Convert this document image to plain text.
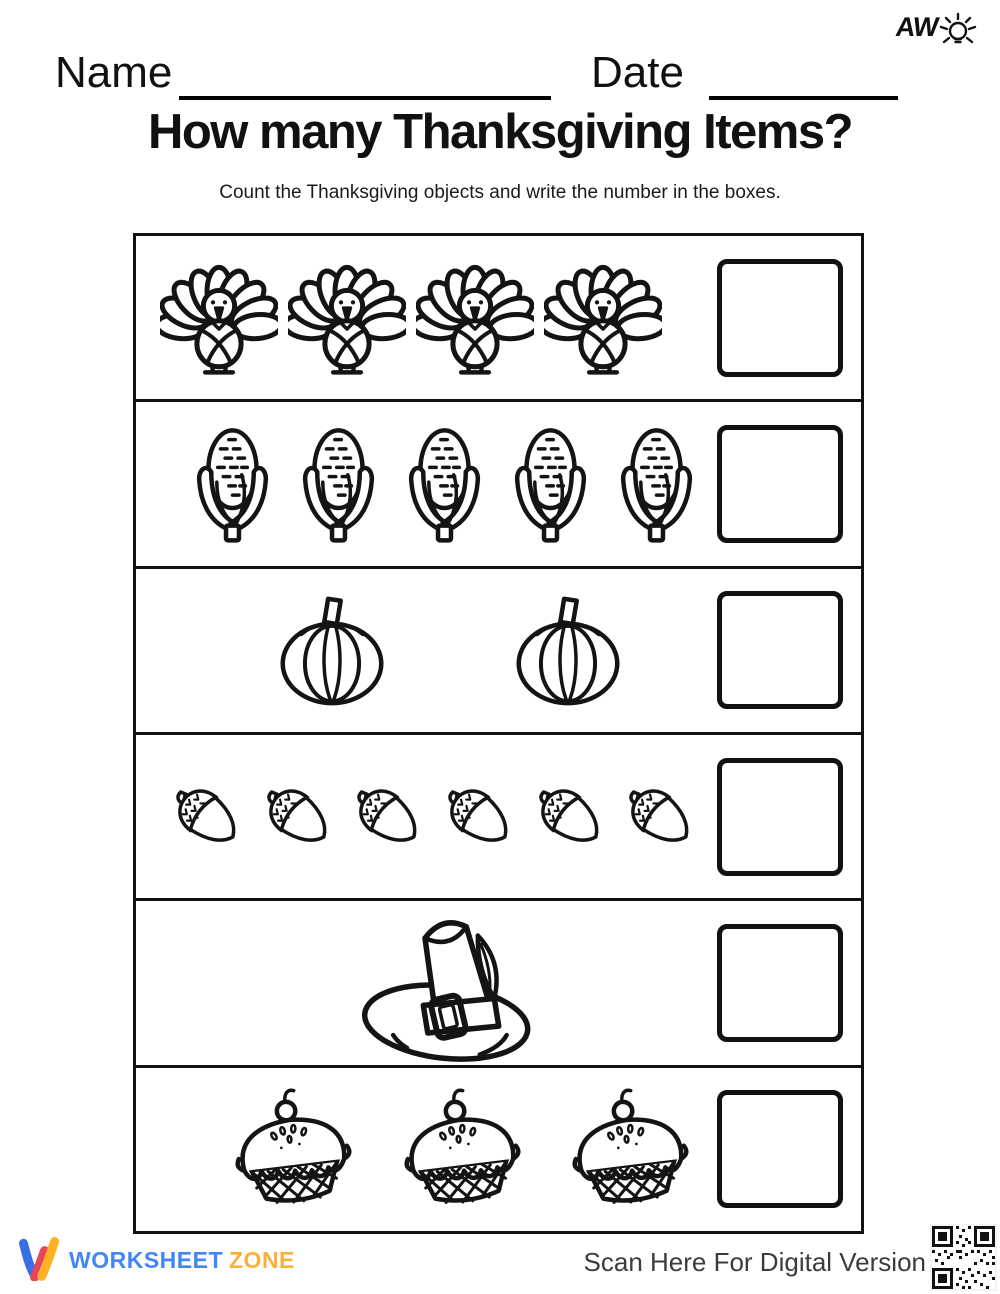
AW
Name	Date
How many Thanksgiving Items?
Count the Thanksgiving objects and write the number in the boxes.
WORKSHEET ZONE	Scan Here For Digital Version
